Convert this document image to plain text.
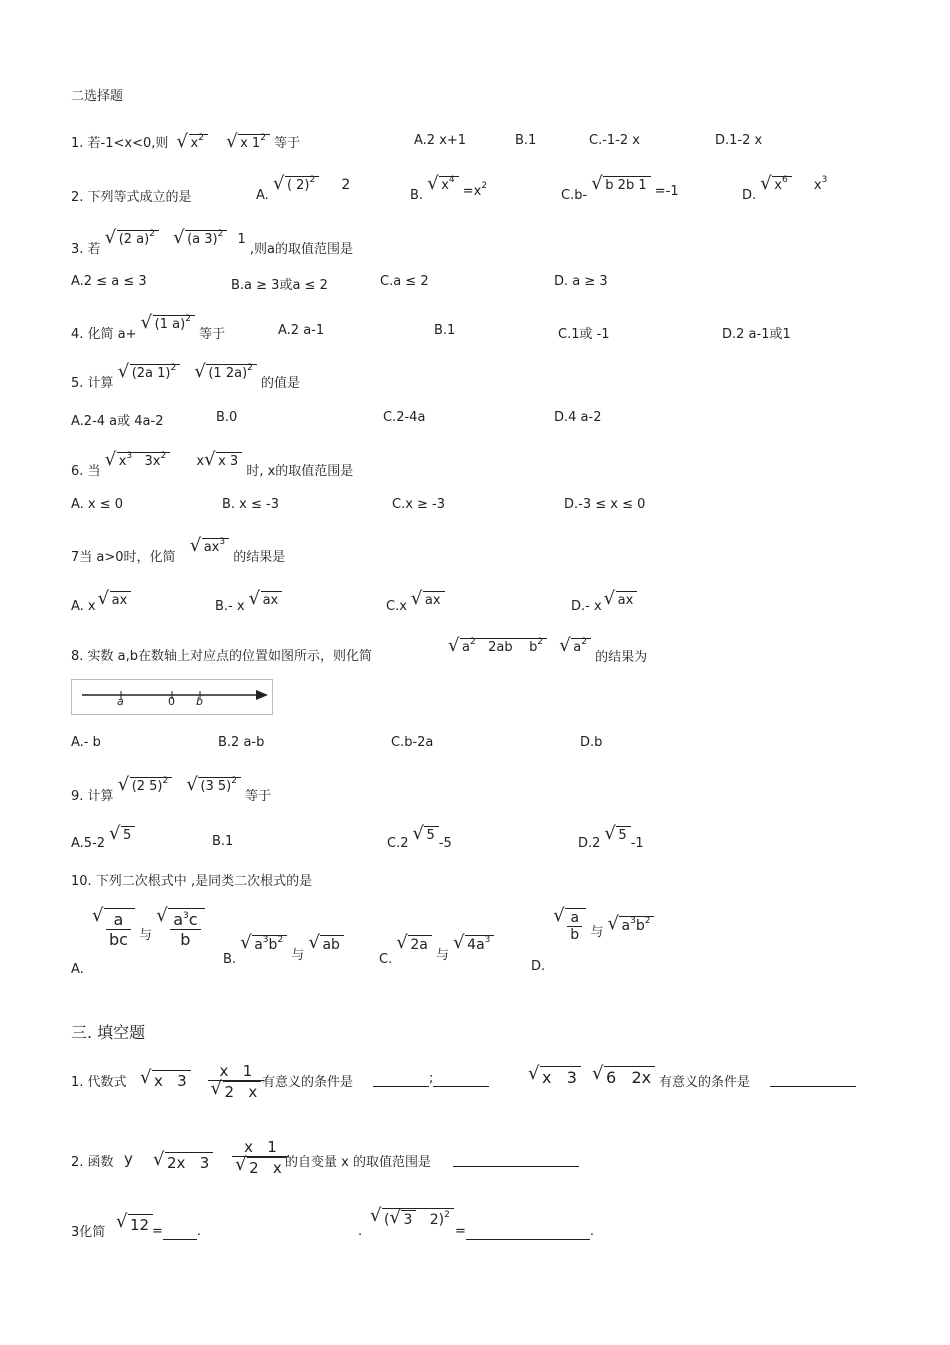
二选择题
1. 若-1<x<0,则 √ $x^2$	√ x $1^2$ 等于	A.2 x+1	B.1	C.-1-2 x	D.1-2 x
2. 下列等式成立的是	A. √ ( 2)$^2$ 2
B. √ $x^4 =x^2$
C.b- √ b 2b 1 =-1	D. √ $x^6$ $x^3$
3. 若 √ (2 a)$^2$ √ (a 3)$^2$ 1 ,则a的取值范围是
A.2 ≤ a ≤ 3	B.a ≥ 3或a ≤ 2	C.a ≤ 2	D. a ≥ 3
4. 化简 a+ √ (1 a)$^2$ 等于	A.2 a-1	B.1	C.1或 -1	D.2 a-1或1
5. 计算 √ (2a 1)$^2$ √ (1 2a)$^2$ 的值是
A.2-4 a或 4a-2	B.0	C.2-4a	D.4 a-2
6. 当 √ $x^3$   $3x^2$ x √ x 3 时, x的取值范围是
A. x ≤ 0	B. x ≤ -3	C.x ≥ -3	D.-3 ≤ x ≤ 0
7当 a>0时，化简 √ $ax^3$ 的结果是
A. x √ ax	B.- x√ ax	C.x√ ax	D.- x √ ax
8. 实数 a,b在数轴上对应点的位置如图所示，则化简
√ $a^2$   2ab    $b^2$ √ $a^2$ 的结果为
a	0 b
A.- b	B.2 a-b	C.b-2a	D.b
9. 计算 √ (2 5)$^2$ √ (3 5)$^2$ 等于
A.5-2√ 5	B.1	C.2√ 5-5	D.2√ 5-1
10. 下列二次根式中 ,是同类二次根式的是
A.
√ $\frac{a}{bc}$ 与 √ $\frac{a^3c}{b}$
B. √ $a^3b^2$ 与 √ ab
C. √ 2a 与 √ $4a^3$
D.
√ $\frac{a}{b}$ 与 √ $a^3b^2$
三. 填空题
1. 代数式	√ x   3 x   1
√ 2   x
有意义的条件是	;	√ x   3 √ 6   2x 有意义的条件是

2. 函数 y	√ 2x   3 x   1
√ 2   x
的自变量 x 的取值范围是

3化简	√ 12 =	.	.
√ ( √ 3   2)$^2$
=	.
